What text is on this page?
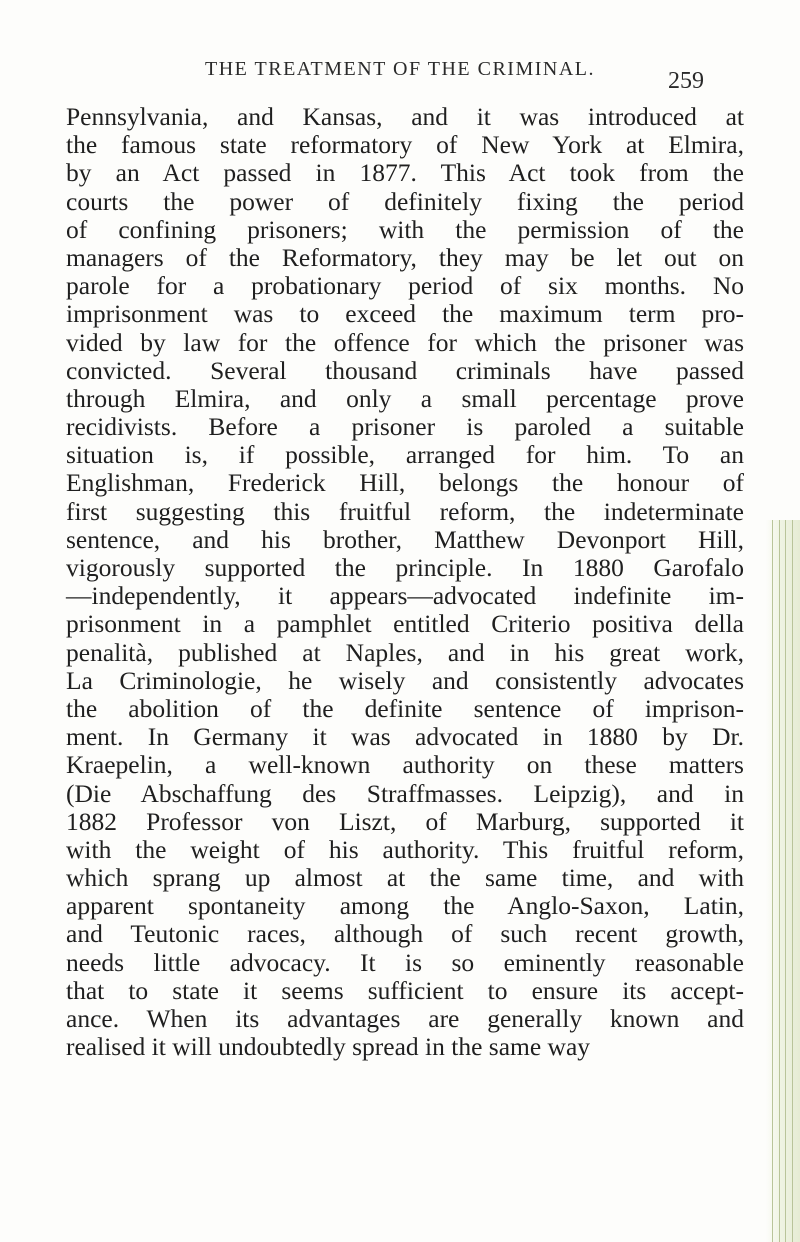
THE TREATMENT OF THE CRIMINAL.	259
Pennsylvania, and Kansas, and it was introduced at
the famous state reformatory of New York at Elmira,
by an Act passed in 1877. This Act took from the
courts the power of definitely fixing the period
of confining prisoners; with the permission of the
managers of the Reformatory, they may be let out on
parole for a probationary period of six months. No
imprisonment was to exceed the maximum term pro-
vided by law for the offence for which the prisoner was
convicted. Several thousand criminals have passed
through Elmira, and only a small percentage prove
recidivists. Before a prisoner is paroled a suitable
situation is, if possible, arranged for him. To an
Englishman, Frederick Hill, belongs the honour of
first suggesting this fruitful reform, the indeterminate
sentence, and his brother, Matthew Devonport Hill,
vigorously supported the principle. In 1880 Garofalo
—independently, it appears—advocated indefinite im-
prisonment in a pamphlet entitled Criterio positiva della
penalità, published at Naples, and in his great work,
La Criminologie, he wisely and consistently advocates
the abolition of the definite sentence of imprison-
ment. In Germany it was advocated in 1880 by Dr.
Kraepelin, a well-known authority on these matters
(Die Abschaffung des Straffmasses. Leipzig), and in
1882 Professor von Liszt, of Marburg, supported it
with the weight of his authority. This fruitful reform,
which sprang up almost at the same time, and with
apparent spontaneity among the Anglo-Saxon, Latin,
and Teutonic races, although of such recent growth,
needs little advocacy. It is so eminently reasonable
that to state it seems sufficient to ensure its accept-
ance. When its advantages are generally known and
realised it will undoubtedly spread in the same way
